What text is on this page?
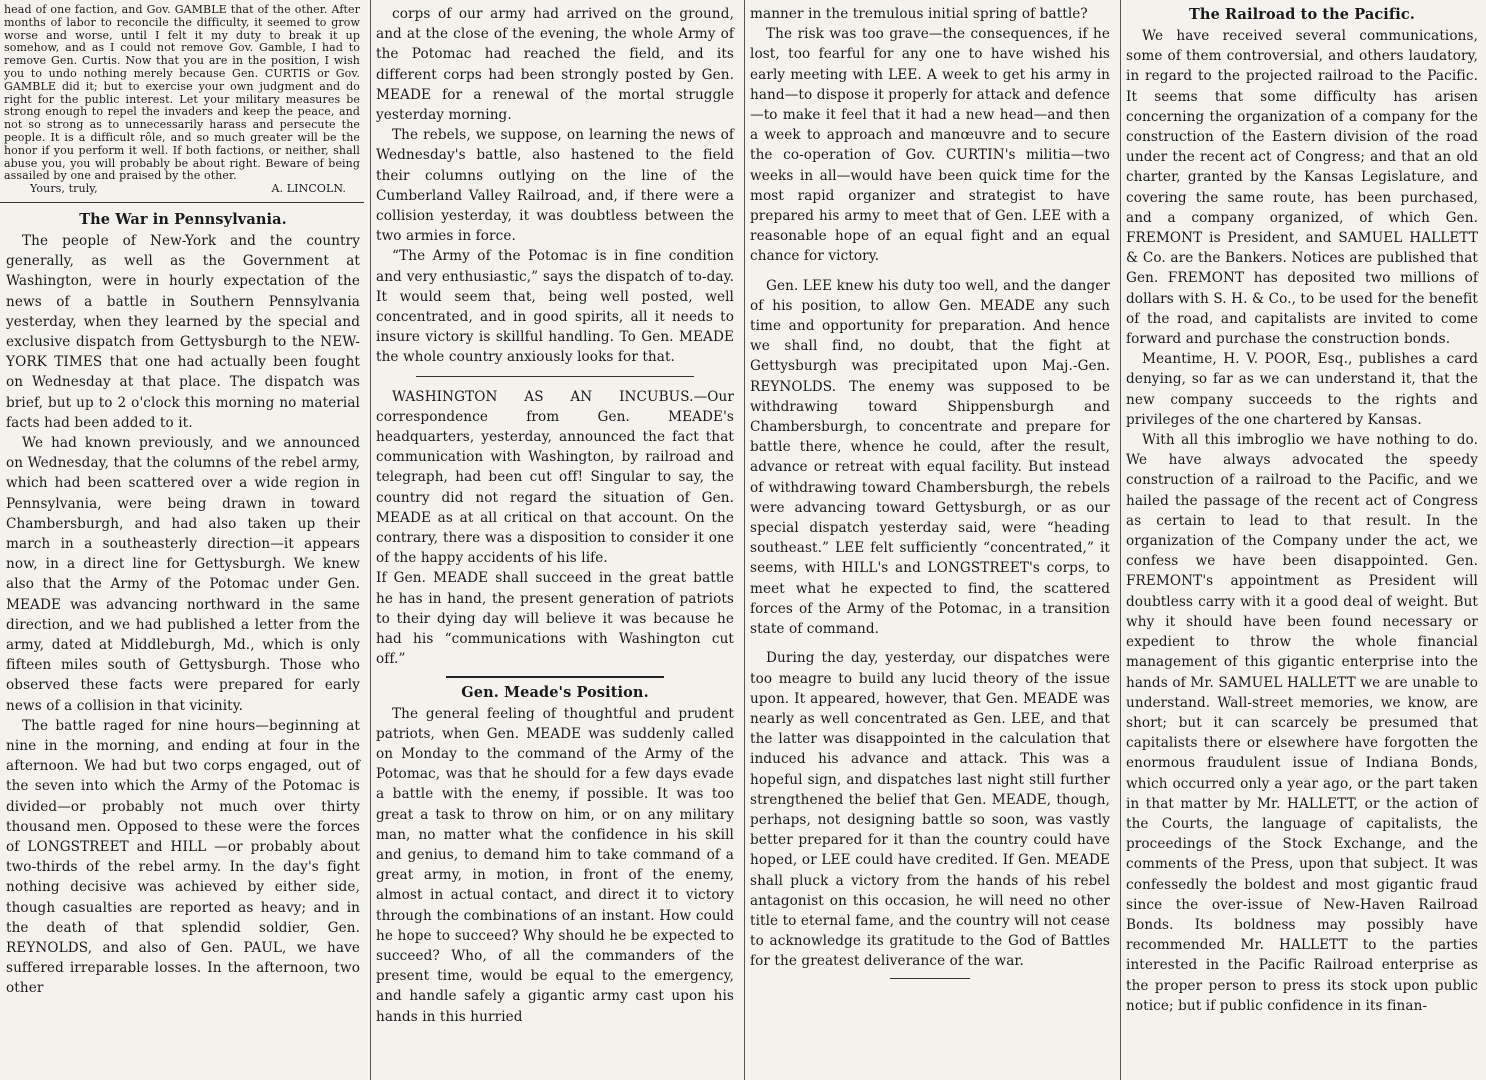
head of one faction, and Gov. GAMBLE that of the other. After months of labor to reconcile the difficulty, it seemed to grow worse and worse, until I felt it my duty to break it up somehow, and as I could not remove Gov. Gamble, I had to remove Gen. Curtis. Now that you are in the position, I wish you to undo nothing merely because Gen. CURTIS or Gov. GAMBLE did it; but to exercise your own judgment and do right for the public interest. Let your military measures be strong enough to repel the invaders and keep the peace, and not so strong as to unnecessarily harass and persecute the people. It is a difficult rôle, and so much greater will be the honor if you perform it well. If both factions, or neither, shall abuse you, you will probably be about right. Beware of being assailed by one and praised by the other.

Yours, truly,	A. LINCOLN.
The War in Pennsylvania.

The people of New-York and the country generally, as well as the Government at Washington, were in hourly expectation of the news of a battle in Southern Pennsylvania yesterday, when they learned by the special and exclusive dispatch from Gettysburgh to the NEW-YORK TIMES that one had actually been fought on Wednesday at that place. The dispatch was brief, but up to 2 o'clock this morning no material facts had been added to it.

We had known previously, and we announced on Wednesday, that the columns of the rebel army, which had been scattered over a wide region in Pennsylvania, were being drawn in toward Chambersburgh, and had also taken up their march in a southeasterly direction—it appears now, in a direct line for Gettysburgh. We knew also that the Army of the Potomac under Gen. MEADE was advancing northward in the same direction, and we had published a letter from the army, dated at Middleburgh, Md., which is only fifteen miles south of Gettysburgh. Those who observed these facts were prepared for early news of a collision in that vicinity.

The battle raged for nine hours—beginning at nine in the morning, and ending at four in the afternoon. We had but two corps engaged, out of the seven into which the Army of the Potomac is divided—or probably not much over thirty thousand men. Opposed to these were the forces of LONGSTREET and HILL —or probably about two-thirds of the rebel army. In the day's fight nothing decisive was achieved by either side, though casualties are reported as heavy; and in the death of that splendid soldier, Gen. REYNOLDS, and also of Gen. PAUL, we have suffered irreparable losses. In the afternoon, two other

corps of our army had arrived on the ground, and at the close of the evening, the whole Army of the Potomac had reached the field, and its different corps had been strongly posted by Gen. MEADE for a renewal of the mortal struggle yesterday morning.

The rebels, we suppose, on learning the news of Wednesday's battle, also hastened to the field their columns outlying on the line of the Cumberland Valley Railroad, and, if there were a collision yesterday, it was doubtless between the two armies in force.

“The Army of the Potomac is in fine condition and very enthusiastic,” says the dispatch of to-day. It would seem that, being well posted, well concentrated, and in good spirits, all it needs to insure victory is skillful handling. To Gen. MEADE the whole country anxiously looks for that.

WASHINGTON AS AN INCUBUS.—Our correspondence from Gen. MEADE's headquarters, yesterday, announced the fact that communication with Washington, by railroad and telegraph, had been cut off! Singular to say, the country did not regard the situation of Gen. MEADE as at all critical on that account. On the contrary, there was a disposition to consider it one of the happy accidents of his life.

If Gen. MEADE shall succeed in the great battle he has in hand, the present generation of patriots to their dying day will believe it was because he had his “communications with Washington cut off.”

Gen. Meade's Position.

The general feeling of thoughtful and prudent patriots, when Gen. MEADE was suddenly called on Monday to the command of the Army of the Potomac, was that he should for a few days evade a battle with the enemy, if possible. It was too great a task to throw on him, or on any military man, no matter what the confidence in his skill and genius, to demand him to take command of a great army, in motion, in front of the enemy, almost in actual contact, and direct it to victory through the combinations of an instant. How could he hope to succeed? Why should he be expected to succeed? Who, of all the commanders of the present time, would be equal to the emergency, and handle safely a gigantic army cast upon his hands in this hurried

manner in the tremulous initial spring of battle?

The risk was too grave—the consequences, if he lost, too fearful for any one to have wished his early meeting with LEE. A week to get his army in hand—to dispose it properly for attack and defence—to make it feel that it had a new head—and then a week to approach and manœuvre and to secure the co-operation of Gov. CURTIN's militia—two weeks in all—would have been quick time for the most rapid organizer and strategist to have prepared his army to meet that of Gen. LEE with a reasonable hope of an equal fight and an equal chance for victory.

Gen. LEE knew his duty too well, and the danger of his position, to allow Gen. MEADE any such time and opportunity for preparation. And hence we shall find, no doubt, that the fight at Gettysburgh was precipitated upon Maj.-Gen. REYNOLDS. The enemy was supposed to be withdrawing toward Shippensburgh and Chambersburgh, to concentrate and prepare for battle there, whence he could, after the result, advance or retreat with equal facility. But instead of withdrawing toward Chambersburgh, the rebels were advancing toward Gettysburgh, or as our special dispatch yesterday said, were “heading southeast.” LEE felt sufficiently “concentrated,” it seems, with HILL's and LONGSTREET's corps, to meet what he expected to find, the scattered forces of the Army of the Potomac, in a transition state of command.

During the day, yesterday, our dispatches were too meagre to build any lucid theory of the issue upon. It appeared, however, that Gen. MEADE was nearly as well concentrated as Gen. LEE, and that the latter was disappointed in the calculation that induced his advance and attack. This was a hopeful sign, and dispatches last night still further strengthened the belief that Gen. MEADE, though, perhaps, not designing battle so soon, was vastly better prepared for it than the country could have hoped, or LEE could have credited. If Gen. MEADE shall pluck a victory from the hands of his rebel antagonist on this occasion, he will need no other title to eternal fame, and the country will not cease to acknowledge its gratitude to the God of Battles for the greatest deliverance of the war.

The Railroad to the Pacific.

We have received several communications, some of them controversial, and others laudatory, in regard to the projected railroad to the Pacific. It seems that some difficulty has arisen concerning the organization of a company for the construction of the Eastern division of the road under the recent act of Congress; and that an old charter, granted by the Kansas Legislature, and covering the same route, has been purchased, and a company organized, of which Gen. FREMONT is President, and SAMUEL HALLETT & Co. are the Bankers. Notices are published that Gen. FREMONT has deposited two millions of dollars with S. H. & Co., to be used for the benefit of the road, and capitalists are invited to come forward and purchase the construction bonds.

Meantime, H. V. POOR, Esq., publishes a card denying, so far as we can understand it, that the new company succeeds to the rights and privileges of the one chartered by Kansas.

With all this imbroglio we have nothing to do. We have always advocated the speedy construction of a railroad to the Pacific, and we hailed the passage of the recent act of Congress as certain to lead to that result. In the organization of the Company under the act, we confess we have been disappointed. Gen. FREMONT's appointment as President will doubtless carry with it a good deal of weight. But why it should have been found necessary or expedient to throw the whole financial management of this gigantic enterprise into the hands of Mr. SAMUEL HALLETT we are unable to understand. Wall-street memories, we know, are short; but it can scarcely be presumed that capitalists there or elsewhere have forgotten the enormous fraudulent issue of Indiana Bonds, which occurred only a year ago, or the part taken in that matter by Mr. HALLETT, or the action of the Courts, the language of capitalists, the proceedings of the Stock Exchange, and the comments of the Press, upon that subject. It was confessedly the boldest and most gigantic fraud since the over-issue of New-Haven Railroad Bonds. Its boldness may possibly have recommended Mr. HALLETT to the parties interested in the Pacific Railroad enterprise as the proper person to press its stock upon public notice; but if public confidence in its finan-
